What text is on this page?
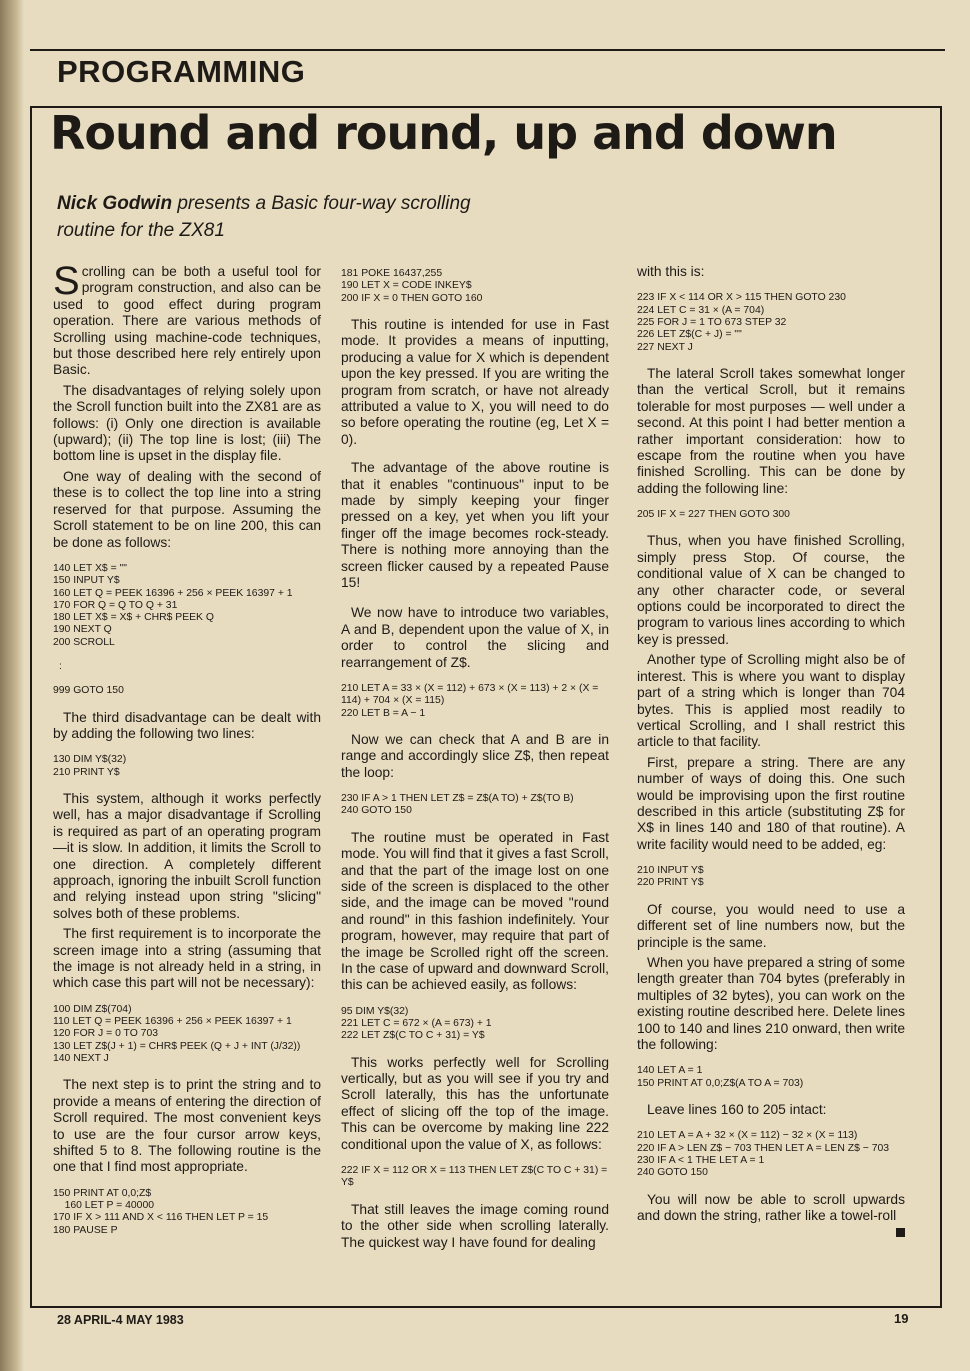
PROGRAMMING
Round and round, up and down

Nick Godwin presents a Basic four-way scrolling routine for the ZX81

Scrolling can be both a useful tool for program construction, and also can be used to good effect during program operation. There are various methods of Scrolling using machine-code techniques, but those described here rely entirely upon Basic.

The disadvantages of relying solely upon the Scroll function built into the ZX81 are as follows: (i) Only one direction is available (upward); (ii) The top line is lost; (iii) The bottom line is upset in the display file.

One way of dealing with the second of these is to collect the top line into a string reserved for that purpose. Assuming the Scroll statement to be on line 200, this can be done as follows:

140 LET X$ = ""
150 INPUT Y$
160 LET Q = PEEK 16396 + 256 × PEEK 16397 + 1
170 FOR Q = Q TO Q + 31
180 LET X$ = X$ + CHR$ PEEK Q
190 NEXT Q
200 SCROLL
:
999 GOTO 150

The third disadvantage can be dealt with by adding the following two lines:

130 DIM Y$(32)
210 PRINT Y$

This system, although it works perfectly well, has a major disadvantage if Scrolling is required as part of an operating program —it is slow. In addition, it limits the Scroll to one direction. A completely different approach, ignoring the inbuilt Scroll function and relying instead upon string "slicing" solves both of these problems.

The first requirement is to incorporate the screen image into a string (assuming that the image is not already held in a string, in which case this part will not be necessary):

100 DIM Z$(704)
110 LET Q = PEEK 16396 + 256 × PEEK 16397 + 1
120 FOR J = 0 TO 703
130 LET Z$(J + 1) = CHR$ PEEK (Q + J + INT (J/32))
140 NEXT J

The next step is to print the string and to provide a means of entering the direction of Scroll required. The most convenient keys to use are the four cursor arrow keys, shifted 5 to 8. The following routine is the one that I find most appropriate.

150 PRINT AT 0,0;Z$
160 LET P = 40000
170 IF X > 111 AND X < 116 THEN LET P = 15
180 PAUSE P
181 POKE 16437,255
190 LET X = CODE INKEY$
200 IF X = 0 THEN GOTO 160

This routine is intended for use in Fast mode. It provides a means of inputting, producing a value for X which is dependent upon the key pressed. If you are writing the program from scratch, or have not already attributed a value to X, you will need to do so before operating the routine (eg, Let X = 0).

The advantage of the above routine is that it enables "continuous" input to be made by simply keeping your finger pressed on a key, yet when you lift your finger off the image becomes rock-steady. There is nothing more annoying than the screen flicker caused by a repeated Pause 15!

We now have to introduce two variables, A and B, dependent upon the value of X, in order to control the slicing and rearrangement of Z$.

210 LET A = 33 × (X = 112) + 673 × (X = 113) + 2 × (X = 114) + 704 × (X = 115)
220 LET B = A − 1

Now we can check that A and B are in range and accordingly slice Z$, then repeat the loop:

230 IF A > 1 THEN LET Z$ = Z$(A TO) + Z$(TO B)
240 GOTO 150

The routine must be operated in Fast mode. You will find that it gives a fast Scroll, and that the part of the image lost on one side of the screen is displaced to the other side, and the image can be moved "round and round" in this fashion indefinitely. Your program, however, may require that part of the image be Scrolled right off the screen. In the case of upward and downward Scroll, this can be achieved easily, as follows:

95 DIM Y$(32)
221 LET C = 672 × (A = 673) + 1
222 LET Z$(C TO C + 31) = Y$

This works perfectly well for Scrolling vertically, but as you will see if you try and Scroll laterally, this has the unfortunate effect of slicing off the top of the image. This can be overcome by making line 222 conditional upon the value of X, as follows:

222 IF X = 112 OR X = 113 THEN LET Z$(C TO C + 31) = Y$

That still leaves the image coming round to the other side when scrolling laterally. The quickest way I have found for dealing

with this is:

223 IF X < 114 OR X > 115 THEN GOTO 230
224 LET C = 31 × (A = 704)
225 FOR J = 1 TO 673 STEP 32
226 LET Z$(C + J) = ""
227 NEXT J

The lateral Scroll takes somewhat longer than the vertical Scroll, but it remains tolerable for most purposes — well under a second. At this point I had better mention a rather important consideration: how to escape from the routine when you have finished Scrolling. This can be done by adding the following line:

205 IF X = 227 THEN GOTO 300

Thus, when you have finished Scrolling, simply press Stop. Of course, the conditional value of X can be changed to any other character code, or several options could be incorporated to direct the program to various lines according to which key is pressed.

Another type of Scrolling might also be of interest. This is where you want to display part of a string which is longer than 704 bytes. This is applied most readily to vertical Scrolling, and I shall restrict this article to that facility.

First, prepare a string. There are any number of ways of doing this. One such would be improvising upon the first routine described in this article (substituting Z$ for X$ in lines 140 and 180 of that routine). A write facility would need to be added, eg:

210 INPUT Y$
220 PRINT Y$

Of course, you would need to use a different set of line numbers now, but the principle is the same.

When you have prepared a string of some length greater than 704 bytes (preferably in multiples of 32 bytes), you can work on the existing routine described here. Delete lines 100 to 140 and lines 210 onward, then write the following:

140 LET A = 1
150 PRINT AT 0,0;Z$(A TO A = 703)

Leave lines 160 to 205 intact:

210 LET A = A + 32 × (X = 112) − 32 × (X = 113)
220 IF A > LEN Z$ − 703 THEN LET A = LEN Z$ − 703
230 IF A < 1 THE LET A = 1
240 GOTO 150

You will now be able to scroll upwards and down the string, rather like a towel-roll

28 APRIL-4 MAY 1983	19
